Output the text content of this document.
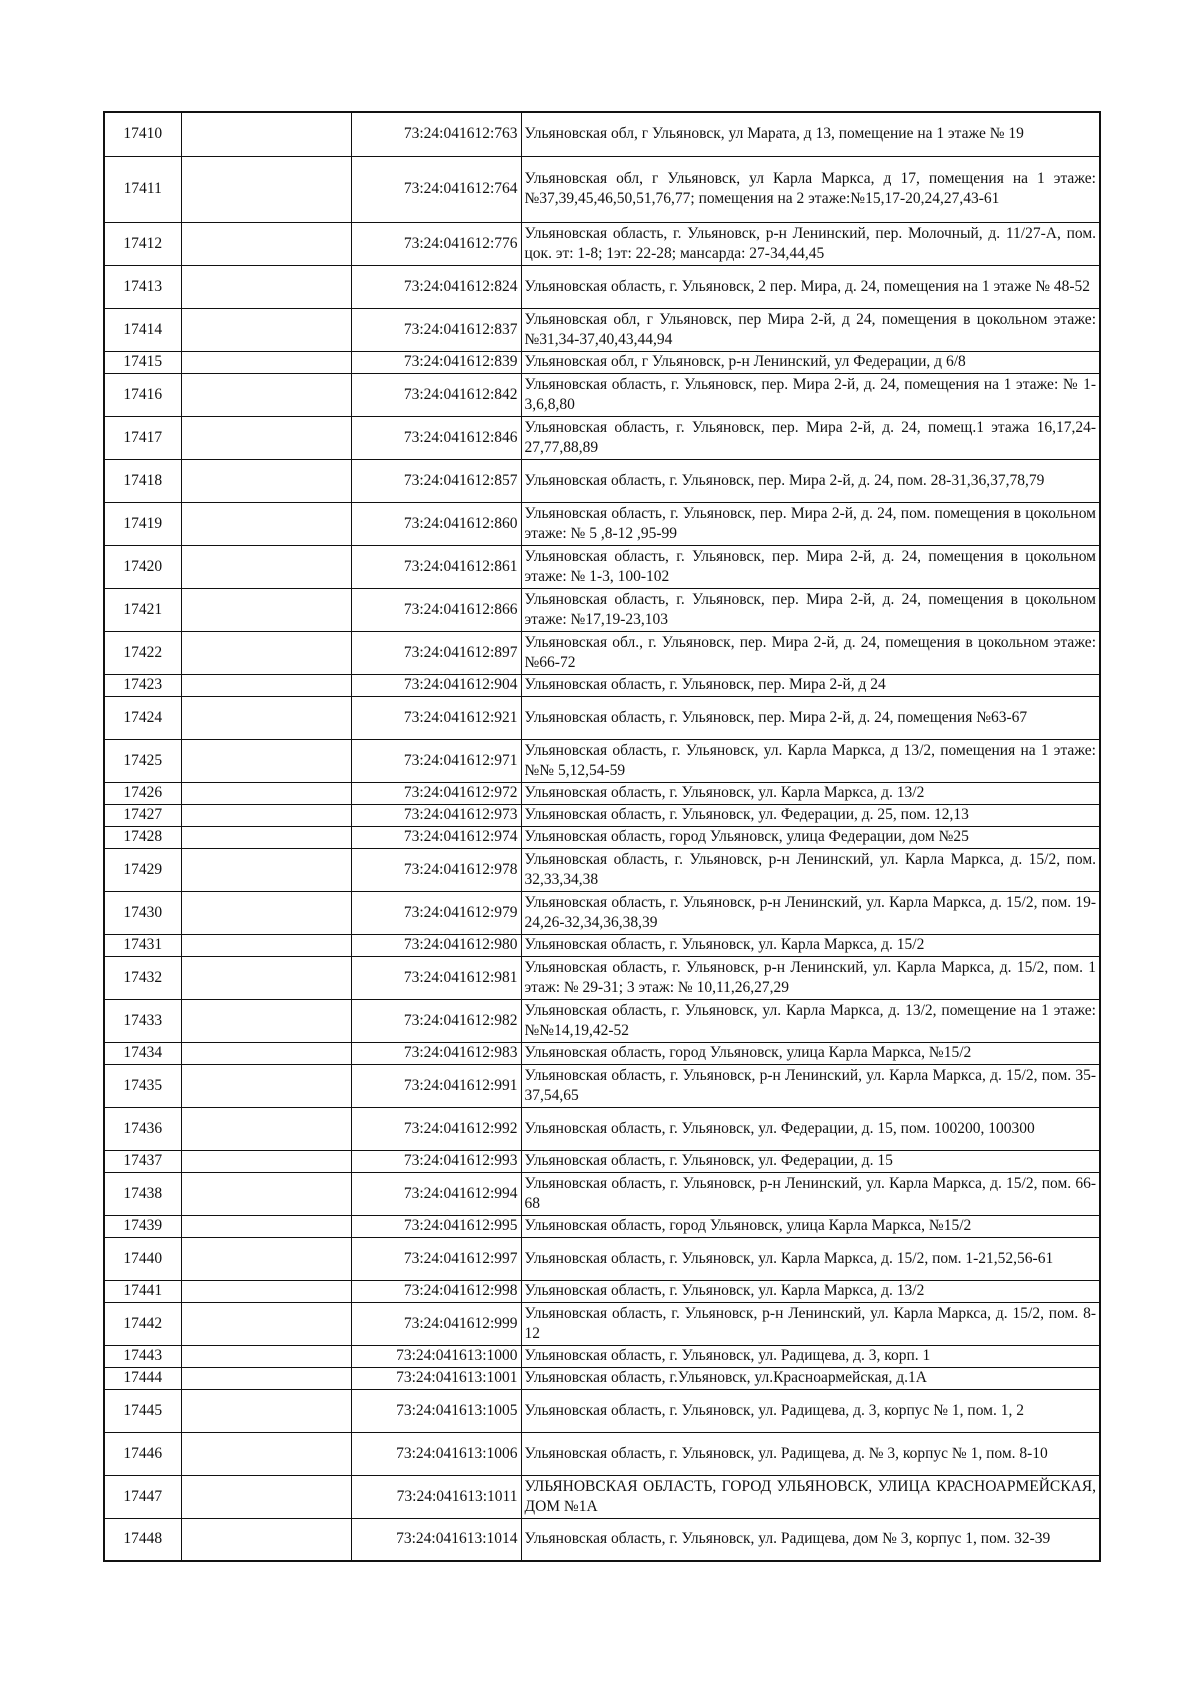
17410		73:24:041612:763	Ульяновская обл, г Ульяновск, ул Марата, д 13, помещение на 1 этаже № 19
17411		73:24:041612:764	Ульяновская обл, г Ульяновск, ул Карла Маркса, д 17, помещения на 1 этаже:№37,39,45,46,50,51,76,77; помещения на 2 этаже:№15,17-20,24,27,43-61
17412		73:24:041612:776	Ульяновская область, г. Ульяновск, р-н Ленинский, пер. Молочный, д. 11/27-А, пом. цок. эт: 1-8; 1эт: 22-28; мансарда: 27-34,44,45
17413		73:24:041612:824	Ульяновская область, г. Ульяновск, 2 пер. Мира, д. 24, помещения на 1 этаже № 48-52
17414		73:24:041612:837	Ульяновская обл, г Ульяновск, пер Мира 2-й, д 24, помещения в цокольном этаже: №31,34-37,40,43,44,94
17415		73:24:041612:839	Ульяновская обл, г Ульяновск, р-н Ленинский, ул Федерации, д 6/8
17416		73:24:041612:842	Ульяновская область, г. Ульяновск, пер. Мира 2-й, д. 24, помещения на 1 этаже: № 1-3,6,8,80
17417		73:24:041612:846	Ульяновская область, г. Ульяновск, пер. Мира 2-й, д. 24, помещ.1 этажа 16,17,24-27,77,88,89
17418		73:24:041612:857	Ульяновская область, г. Ульяновск, пер. Мира 2-й, д. 24, пом. 28-31,36,37,78,79
17419		73:24:041612:860	Ульяновская область, г. Ульяновск, пер. Мира 2-й, д. 24, пом. помещения в цокольном этаже: № 5 ,8-12 ,95-99
17420		73:24:041612:861	Ульяновская область, г. Ульяновск, пер. Мира 2-й, д. 24, помещения в цокольном этаже: № 1-3, 100-102
17421		73:24:041612:866	Ульяновская область, г. Ульяновск, пер. Мира 2-й, д. 24, помещения в цокольном этаже: №17,19-23,103
17422		73:24:041612:897	Ульяновская обл., г. Ульяновск, пер. Мира 2-й, д. 24, помещения в цокольном этаже: №66-72
17423		73:24:041612:904	Ульяновская область, г. Ульяновск, пер. Мира 2-й, д 24
17424		73:24:041612:921	Ульяновская область, г. Ульяновск, пер. Мира 2-й, д. 24, помещения №63-67
17425		73:24:041612:971	Ульяновская область, г. Ульяновск, ул. Карла Маркса, д 13/2, помещения на 1 этаже: №№ 5,12,54-59
17426		73:24:041612:972	Ульяновская область, г. Ульяновск, ул. Карла Маркса, д. 13/2
17427		73:24:041612:973	Ульяновская область, г. Ульяновск, ул. Федерации, д. 25, пом. 12,13
17428		73:24:041612:974	Ульяновская область, город Ульяновск, улица Федерации, дом №25
17429		73:24:041612:978	Ульяновская область, г. Ульяновск, р-н Ленинский, ул. Карла Маркса, д. 15/2, пом. 32,33,34,38
17430		73:24:041612:979	Ульяновская область, г. Ульяновск, р-н Ленинский, ул. Карла Маркса, д. 15/2, пом. 19-24,26-32,34,36,38,39
17431		73:24:041612:980	Ульяновская область, г. Ульяновск, ул. Карла Маркса, д. 15/2
17432		73:24:041612:981	Ульяновская область, г. Ульяновск, р-н Ленинский, ул. Карла Маркса, д. 15/2, пом. 1 этаж: № 29-31; 3 этаж: № 10,11,26,27,29
17433		73:24:041612:982	Ульяновская область, г. Ульяновск, ул. Карла Маркса, д. 13/2, помещение на 1 этаже: №№14,19,42-52
17434		73:24:041612:983	Ульяновская область, город Ульяновск, улица Карла Маркса, №15/2
17435		73:24:041612:991	Ульяновская область, г. Ульяновск, р-н Ленинский, ул. Карла Маркса, д. 15/2, пом. 35-37,54,65
17436		73:24:041612:992	Ульяновская область, г. Ульяновск, ул. Федерации, д. 15, пом. 100200, 100300
17437		73:24:041612:993	Ульяновская область, г. Ульяновск, ул. Федерации, д. 15
17438		73:24:041612:994	Ульяновская область, г. Ульяновск, р-н Ленинский, ул. Карла Маркса, д. 15/2, пом. 66-68
17439		73:24:041612:995	Ульяновская область, город Ульяновск, улица Карла Маркса, №15/2
17440		73:24:041612:997	Ульяновская область, г. Ульяновск, ул. Карла Маркса, д. 15/2, пом. 1-21,52,56-61
17441		73:24:041612:998	Ульяновская область, г. Ульяновск, ул. Карла Маркса, д. 13/2
17442		73:24:041612:999	Ульяновская область, г. Ульяновск, р-н Ленинский, ул. Карла Маркса, д. 15/2, пом. 8-12
17443		73:24:041613:1000	Ульяновская область, г. Ульяновск, ул. Радищева, д. 3, корп. 1
17444		73:24:041613:1001	Ульяновская область, г.Ульяновск, ул.Красноармейская, д.1А
17445		73:24:041613:1005	Ульяновская область, г. Ульяновск, ул. Радищева, д. 3, корпус № 1, пом. 1, 2
17446		73:24:041613:1006	Ульяновская область, г. Ульяновск, ул. Радищева, д. № 3, корпус № 1, пом. 8-10
17447		73:24:041613:1011	УЛЬЯНОВСКАЯ ОБЛАСТЬ, ГОРОД УЛЬЯНОВСК, УЛИЦА КРАСНОАРМЕЙСКАЯ, ДОМ №1А
17448		73:24:041613:1014	Ульяновская область, г. Ульяновск, ул. Радищева, дом № 3, корпус 1, пом. 32-39
